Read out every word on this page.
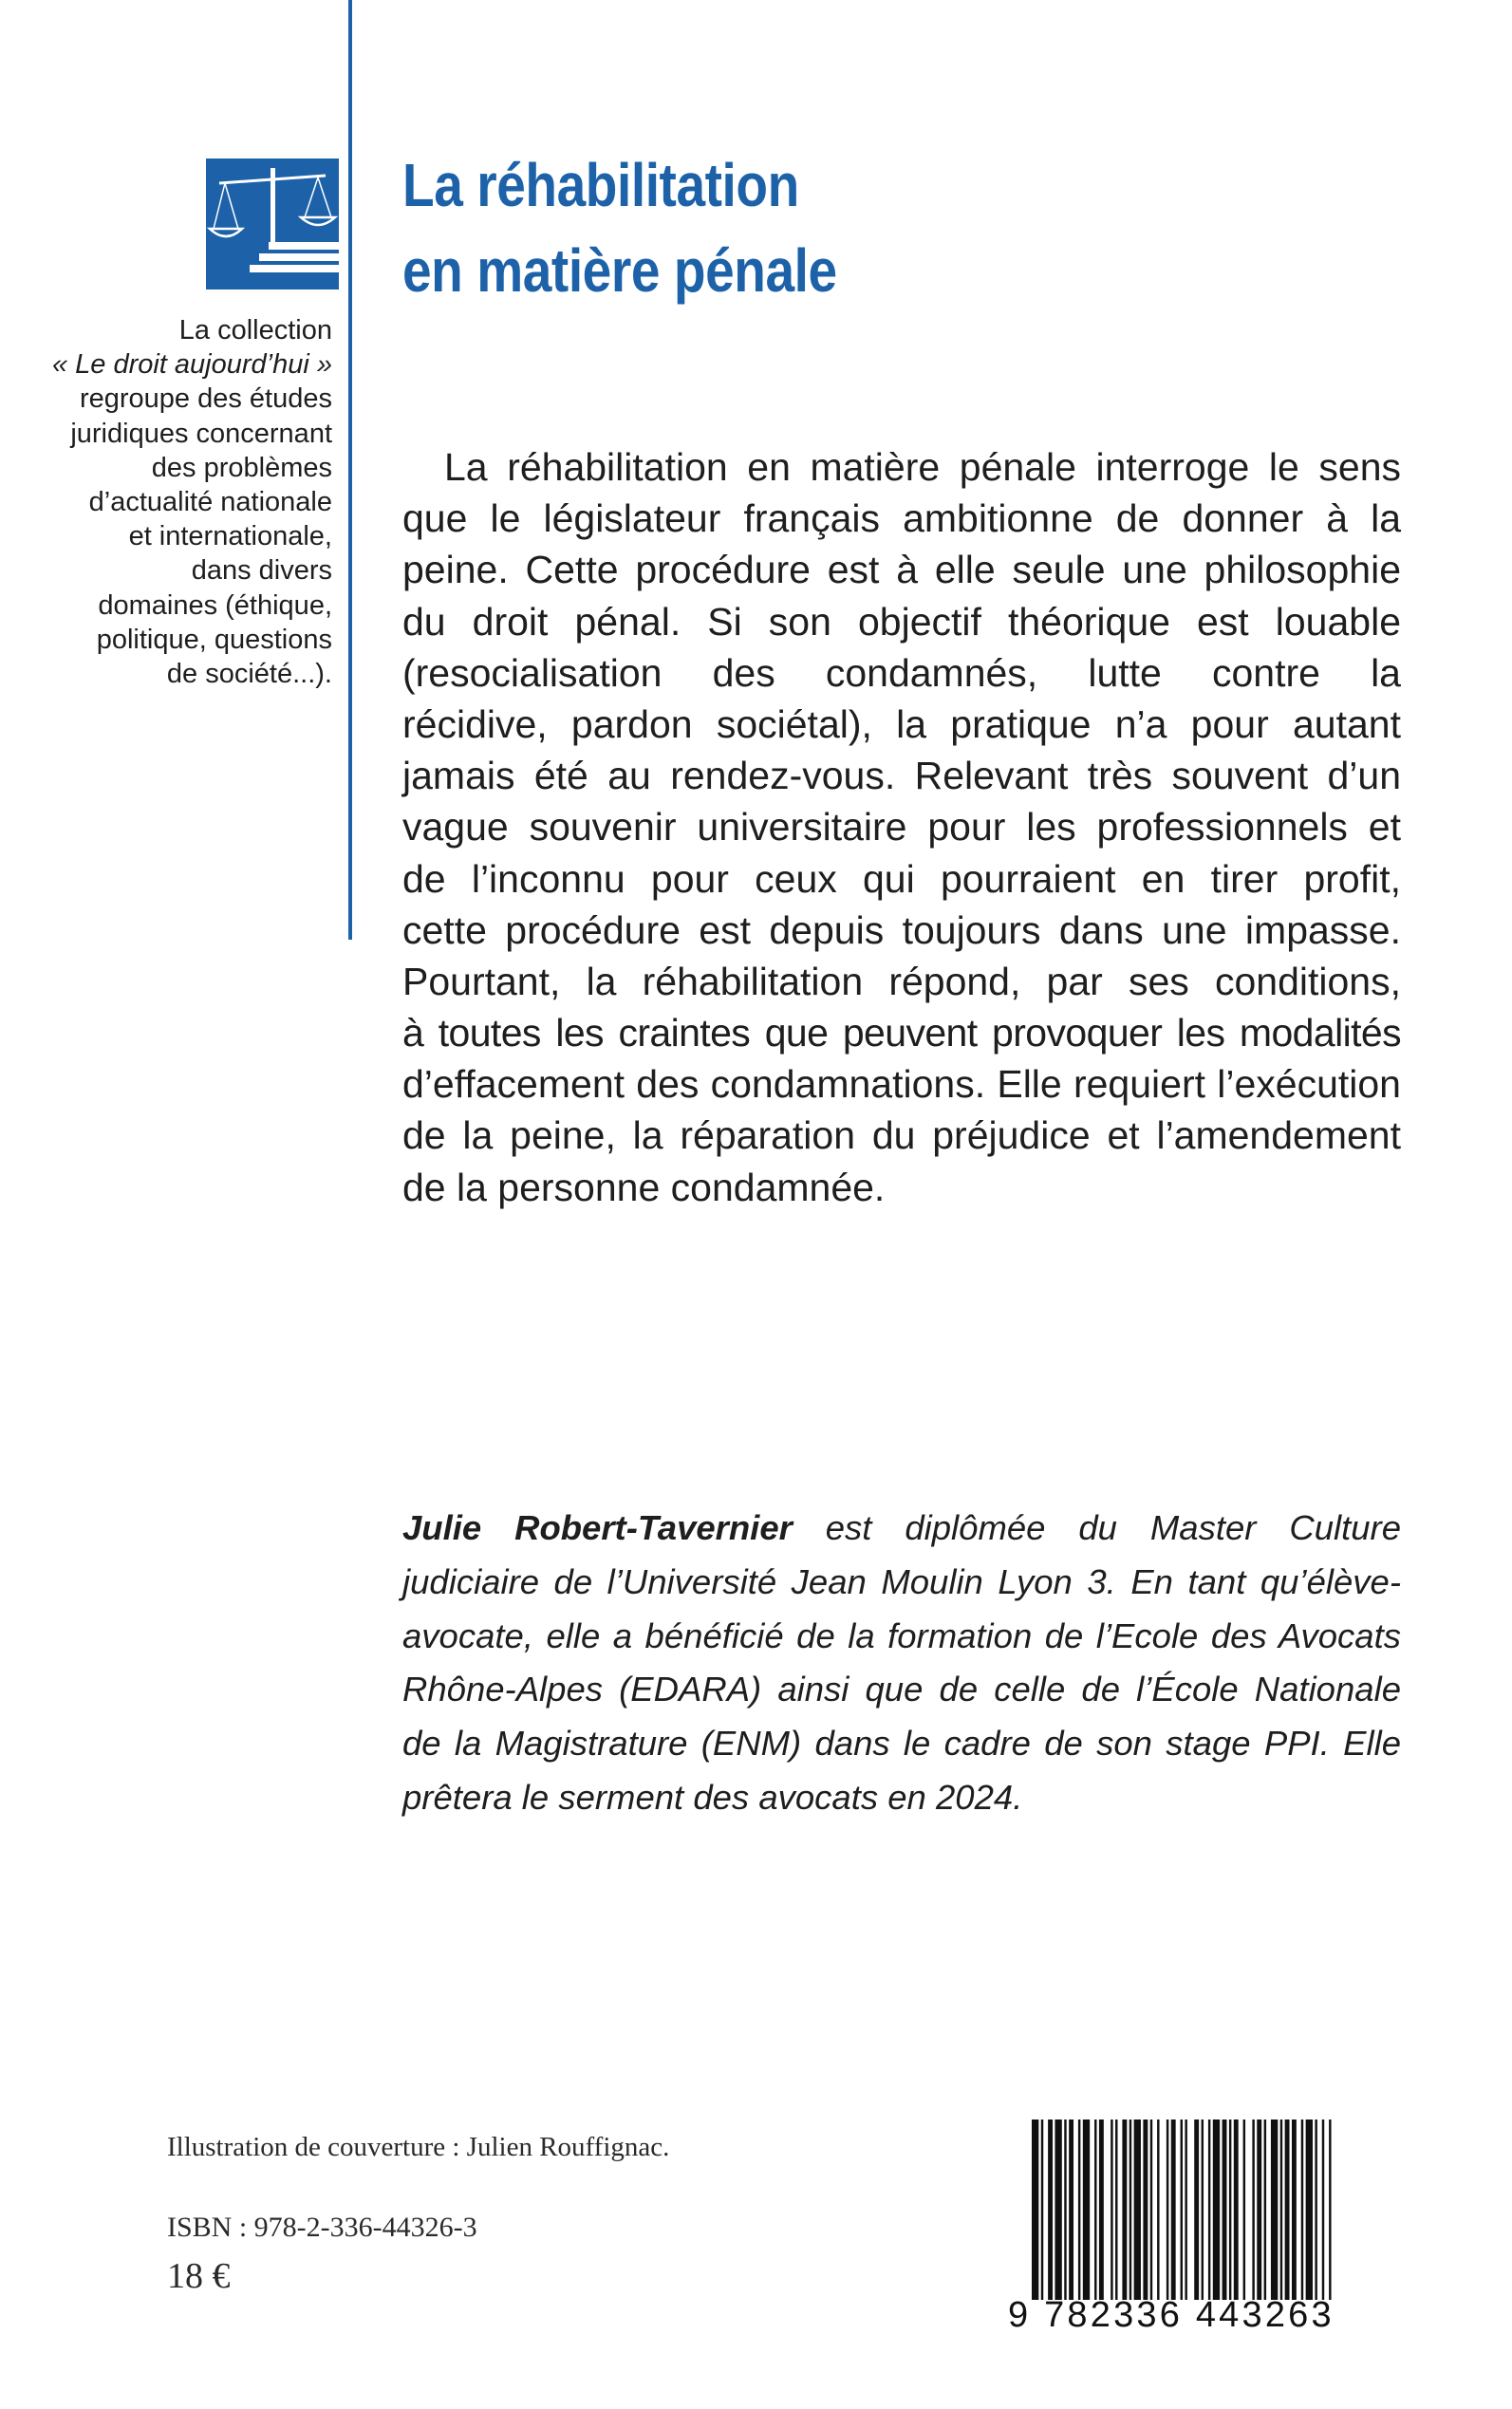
La réhabilitation
en matière pénale
La collection
« Le droit aujourd’hui »
regroupe des études
juridiques concernant
des problèmes
d’actualité nationale
et internationale,
dans divers
domaines (éthique,
politique, questions
de société...).
La réhabilitation en matière pénale interroge le sens
que le législateur français ambitionne de donner à la
peine. Cette procédure est à elle seule une philosophie
du droit pénal. Si son objectif théorique est louable
(resocialisation des condamnés, lutte contre la
récidive, pardon sociétal), la pratique n’a pour autant
jamais été au rendez-vous. Relevant très souvent d’un
vague souvenir universitaire pour les professionnels et
de l’inconnu pour ceux qui pourraient en tirer profit,
cette procédure est depuis toujours dans une impasse.
Pourtant, la réhabilitation répond, par ses conditions,
à toutes les craintes que peuvent provoquer les modalités
d’effacement des condamnations. Elle requiert l’exécution
de la peine, la réparation du préjudice et l’amendement
de la personne condamnée.
Julie Robert-Tavernier est diplômée du Master Culture
judiciaire de l’Université Jean Moulin Lyon 3. En tant qu’élève-
avocate, elle a bénéficié de la formation de l’Ecole des Avocats
Rhône-Alpes (EDARA) ainsi que de celle de l’École Nationale
de la Magistrature (ENM) dans le cadre de son stage PPI. Elle
prêtera le serment des avocats en 2024.
Illustration de couverture : Julien Rouffignac.
ISBN : 978-2-336-44326-3
18 €
9 782336 443263
